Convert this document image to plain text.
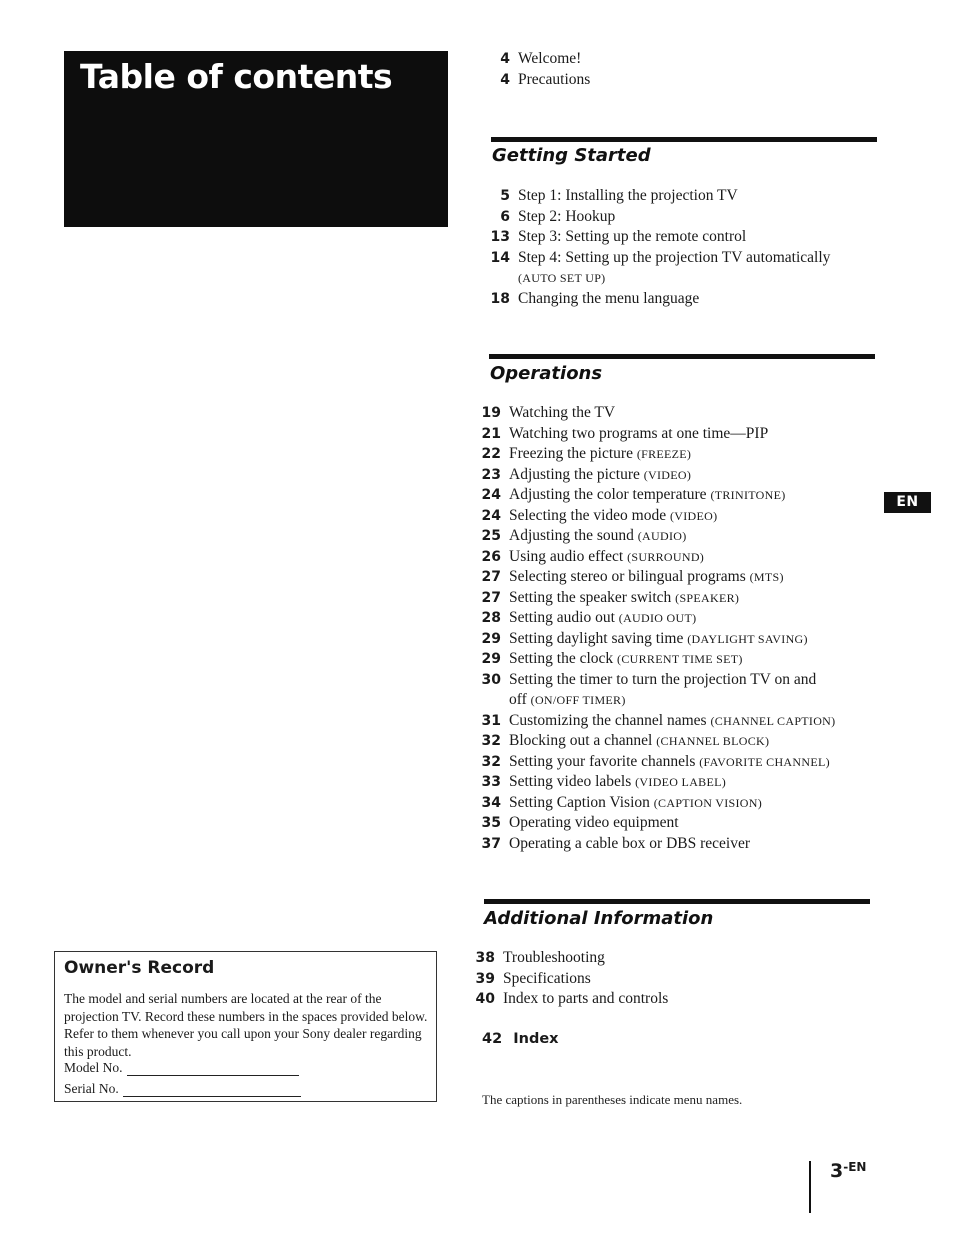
Table of contents	4 Welcome!
4 Precautions
Getting Started
5 Step 1: Installing the projection TV
6 Step 2: Hookup
13 Step 3: Setting up the remote control
14 Step 4: Setting up the projection TV automatically
(AUTO SET UP)
18 Changing the menu language
Operations
19 Watching the TV
21 Watching two programs at one time—PIP
22 Freezing the picture (FREEZE)
23 Adjusting the picture (VIDEO)
24 Adjusting the color temperature (TRINITONE)
24 Selecting the video mode (VIDEO)
25 Adjusting the sound (AUDIO)
26 Using audio effect (SURROUND)
27 Selecting stereo or bilingual programs (MTS)
27 Setting the speaker switch (SPEAKER)
28 Setting audio out (AUDIO OUT)
29 Setting daylight saving time (DAYLIGHT SAVING)
29 Setting the clock (CURRENT TIME SET)
30 Setting the timer to turn the projection TV on and
off (ON/OFF TIMER)
31 Customizing the channel names (CHANNEL CAPTION)
32 Blocking out a channel (CHANNEL BLOCK)
32 Setting your favorite channels (FAVORITE CHANNEL)
33 Setting video labels (VIDEO LABEL)
34 Setting Caption Vision (CAPTION VISION)
35 Operating video equipment
37 Operating a cable box or DBS receiver
Additional Information
38 Troubleshooting
39 Specifications
40 Index to parts and controls

42 Index

EN
Owner's Record

The model and serial numbers are located at the rear of the projection TV. Record these numbers in the spaces provided below. Refer to them whenever you call upon your Sony dealer regarding this product.

Model No.

Serial No.

The captions in parentheses indicate menu names.

$3^{-EN}$
